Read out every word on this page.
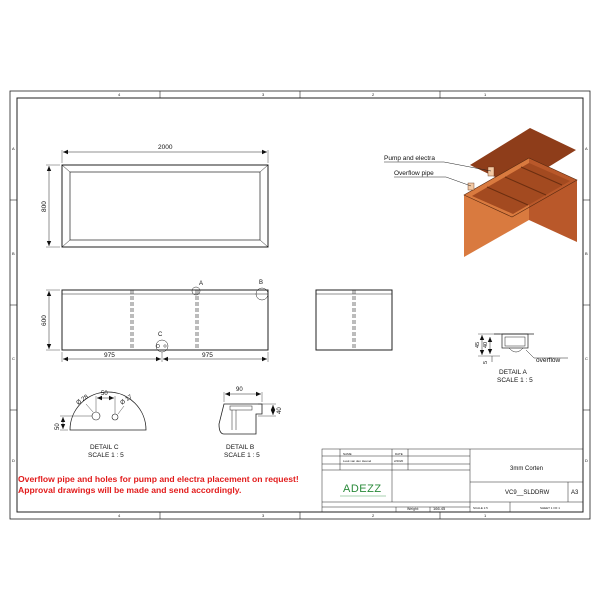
4	3	2	1
4	3	2	1
A
B
C
D
A
B
C
D
2000
800
Pump and electra
Overflow pipe
600
975	975
A	B
C
45 40
5	overflow
DETAIL A
SCALE 1 : 5
50
Ø 28	Ø 17
50
DETAIL C
SCALE 1 : 5
90
40
DETAIL B
SCALE 1 : 5	NAME	DATE
Luuk van den Heuvel	2/2020
ADEZZ
3mm Corten
VC9__SLDDRW	A3
SCALE 1:5	SHEET 1 OF 1
Weight:	166.45
Overflow pipe and holes for pump and electra placement on request!
Approval drawings will be made and send accordingly.
